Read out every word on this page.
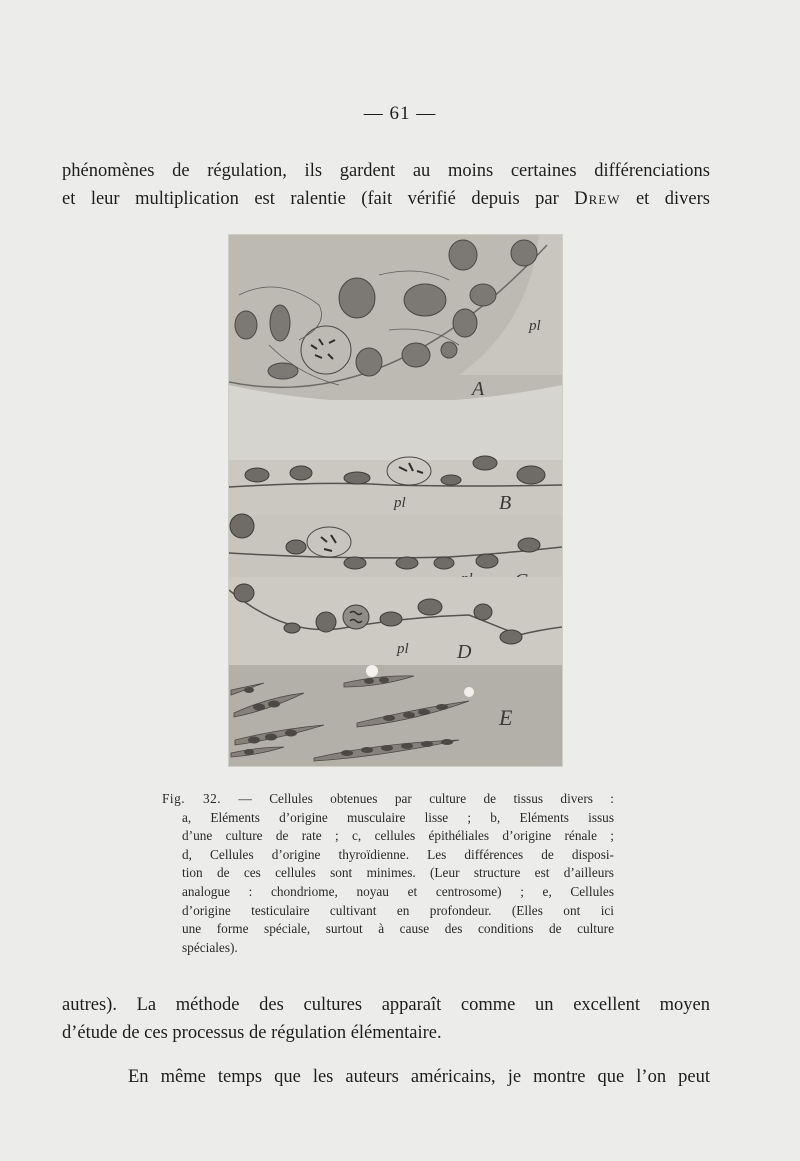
— 61 —
phénomènes de régulation, ils gardent au moins certaines différenciations
et leur multiplication est ralentie (fait vérifié depuis par Drew et divers
A
pl
B
pl
D
pl
E
Fig. 32. — Cellules obtenues par culture de tissus divers :
a, Eléments d’origine musculaire lisse ; b, Eléments issus
d’une culture de rate ; c, cellules épithéliales d’origine rénale ;
d, Cellules d’origine thyroïdienne. Les différences de disposi-
tion de ces cellules sont minimes. (Leur structure est d’ailleurs
analogue : chondriome, noyau et centrosome) ; e, Cellules
d’origine testiculaire cultivant en profondeur. (Elles ont ici
une forme spéciale, surtout à cause des conditions de culture
spéciales).
autres). La méthode des cultures apparaît comme un excellent moyen
d’étude de ces processus de régulation élémentaire.
En même temps que les auteurs américains, je montre que l’on peut
